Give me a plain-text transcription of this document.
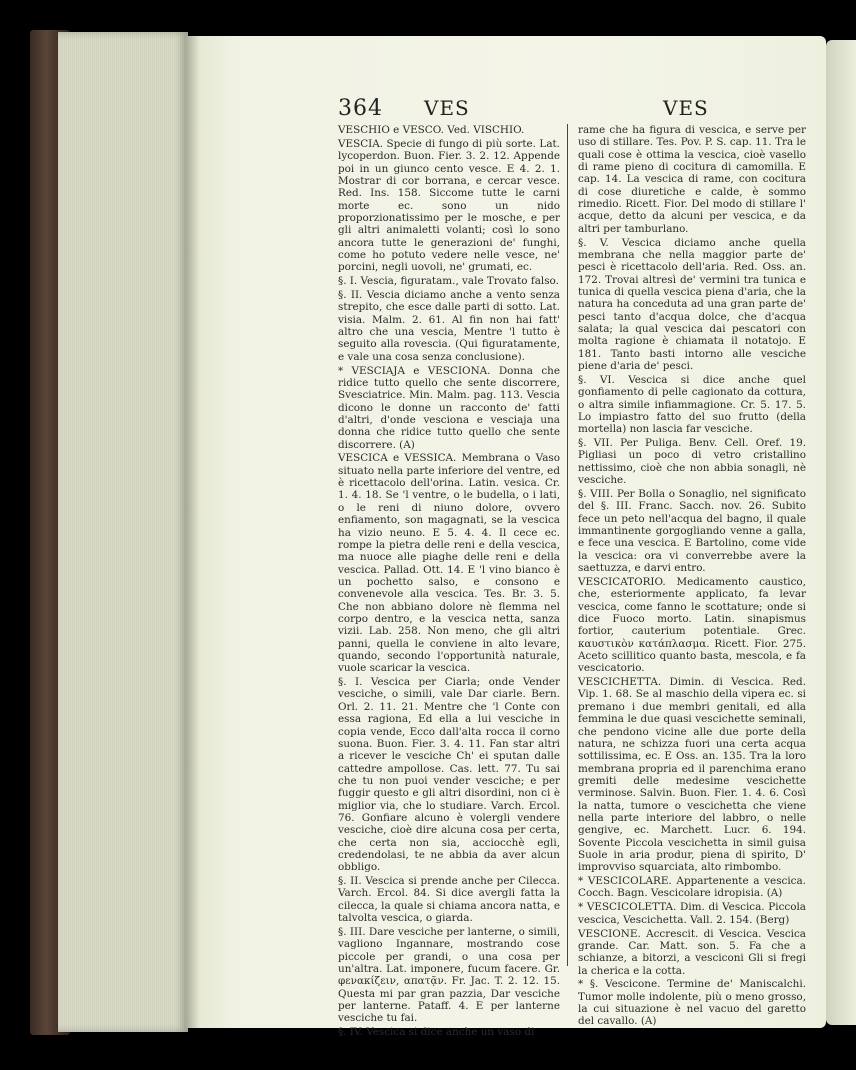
364 VES	VES

VESCHIO e VESCO. Ved. VISCHIO.

VESCIA. Specie di fungo di più sorte. Lat. lycoperdon. Buon. Fier. 3. 2. 12. Appende poi in un giunco cento vesce. E 4. 2. 1. Mostrar di cor borrana, e cercar vesce. Red. Ins. 158. Siccome tutte le carni morte ec. sono un nido proporzionatissimo per le mosche, e per gli altri animaletti volanti; così lo sono ancora tutte le generazioni de' funghi, come ho potuto vedere nelle vesce, ne' porcini, negli uovoli, ne' grumati, ec.

§. I. Vescia, figuratam., vale Trovato falso.

§. II. Vescia diciamo anche a vento senza strepito, che esce dalle parti di sotto. Lat. visia. Malm. 2. 61. Al fin non hai fatt' altro che una vescia, Mentre 'l tutto è seguito alla rovescia. (Qui figuratamente, e vale una cosa senza conclusione).

* VESCIAJA e VESCIONA. Donna che ridice tutto quello che sente discorrere, Svesciatrice. Min. Malm. pag. 113. Vescia dicono le donne un racconto de' fatti d'altri, d'onde vesciona e vesciaja una donna che ridice tutto quello che sente discorrere. (A)

VESCICA e VESSICA. Membrana o Vaso situato nella parte inferiore del ventre, ed è ricettacolo dell'orina. Latin. vesica. Cr. 1. 4. 18. Se 'l ventre, o le budella, o i lati, o le reni di niuno dolore, ovvero enfiamento, son magagnati, se la vescica ha vizio neuno. E 5. 4. 4. Il cece ec. rompe la pietra delle reni e della vescica, ma nuoce alle piaghe delle reni e della vescica. Pallad. Ott. 14. E 'l vino bianco è un pochetto salso, e consono e convenevole alla vescica. Tes. Br. 3. 5. Che non abbiano dolore nè flemma nel corpo dentro, e la vescica netta, sanza vizii. Lab. 258. Non meno, che gli altri panni, quella le conviene in alto levare, quando, secondo l'opportunità naturale, vuole scaricar la vescica.

§. I. Vescica per Ciarla; onde Vender vesciche, o simili, vale Dar ciarle. Bern. Orl. 2. 11. 21. Mentre che 'l Conte con essa ragiona, Ed ella a lui vesciche in copia vende, Ecco dall'alta rocca il corno suona. Buon. Fier. 3. 4. 11. Fan star altri a ricever le vesciche Ch' ei sputan dalle cattedre ampollose. Cas. lett. 77. Tu sai che tu non puoi vender vesciche; e per fuggir questo e gli altri disordini, non ci è miglior via, che lo studiare. Varch. Ercol. 76. Gonfiare alcuno è volergli vendere vesciche, cioè dire alcuna cosa per certa, che certa non sia, acciocchè egli, credendolasi, te ne abbia da aver alcun obbligo.

§. II. Vescica si prende anche per Cilecca. Varch. Ercol. 84. Si dice avergli fatta la cilecca, la quale si chiama ancora natta, e talvolta vescica, o giarda.

§. III. Dare vesciche per lanterne, o simili, vagliono Ingannare, mostrando cose piccole per grandi, o una cosa per un'altra. Lat. imponere, fucum facere. Gr. φενακίζειν, απατᾷν. Fr. Jac. T. 2. 12. 15. Questa mi par gran pazzia, Dar vesciche per lanterne. Pataff. 4. E per lanterne vesciche tu fai.

§. IV. Vescica si dice anche un vaso di

rame che ha figura di vescica, e serve per uso di stillare. Tes. Pov. P. S. cap. 11. Tra le quali cose è ottima la vescica, cioè vasello di rame pieno di cocitura di camomilla. E cap. 14. La vescica di rame, con cocitura di cose diuretiche e calde, è sommo rimedio. Ricett. Fior. Del modo di stillare l' acque, detto da alcuni per vescica, e da altri per tamburlano.

§. V. Vescica diciamo anche quella membrana che nella maggior parte de' pesci è ricettacolo dell'aria. Red. Oss. an. 172. Trovai altresì de' vermini tra tunica e tunica di quella vescica piena d'aria, che la natura ha conceduta ad una gran parte de' pesci tanto d'acqua dolce, che d'acqua salata; la qual vescica dai pescatori con molta ragione è chiamata il notatojo. E 181. Tanto basti intorno alle vesciche piene d'aria de' pesci.

§. VI. Vescica si dice anche quel gonfiamento di pelle cagionato da cottura, o altra simile infiammagione. Cr. 5. 17. 5. Lo impiastro fatto del suo frutto (della mortella) non lascia far vesciche.

§. VII. Per Puliga. Benv. Cell. Oref. 19. Pigliasi un poco di vetro cristallino nettissimo, cioè che non abbia sonagli, nè vesciche.

§. VIII. Per Bolla o Sonaglio, nel significato del §. III. Franc. Sacch. nov. 26. Subito fece un peto nell'acqua del bagno, il quale immantinente gorgogliando venne a galla, e fece una vescica. E Bartolino, come vide la vescica: ora vi converrebbe avere la saettuzza, e darvi entro.

VESCICATORIO. Medicamento caustico, che, esteriormente applicato, fa levar vescica, come fanno le scottature; onde si dice Fuoco morto. Latin. sinapismus fortior, cauterium potentiale. Grec. καυστικὸν κατάπλασμα. Ricett. Fior. 275. Aceto scillitico quanto basta, mescola, e fa vescicatorio.

VESCICHETTA. Dimin. di Vescica. Red. Vip. 1. 68. Se al maschio della vipera ec. si premano i due membri genitali, ed alla femmina le due quasi vescichette seminali, che pendono vicine alle due porte della natura, ne schizza fuori una certa acqua sottilissima, ec. E Oss. an. 135. Tra la loro membrana propria ed il parenchima erano gremiti delle medesime vescichette verminose. Salvin. Buon. Fier. 1. 4. 6. Così la natta, tumore o vescichetta che viene nella parte interiore del labbro, o nelle gengive, ec. Marchett. Lucr. 6. 194. Sovente Piccola vescichetta in simil guisa Suole in aria produr, piena di spirito, D' improvviso squarciata, alto rimbombo.

* VESCICOLARE. Appartenente a vescica. Cocch. Bagn. Vescicolare idropisia. (A)

* VESCICOLETTA. Dim. di Vescica. Piccola vescica, Vescichetta. Vall. 2. 154. (Berg)

VESCIONE. Accrescit. di Vescica. Vescica grande. Car. Matt. son. 5. Fa che a schianze, a bitorzi, a vesciconi Gli si fregi la cherica e la cotta.

* §. Vescicone. Termine de' Maniscalchi. Tumor molle indolente, più o meno grosso, la cui situazione è nel vacuo del garetto del cavallo. (A)
